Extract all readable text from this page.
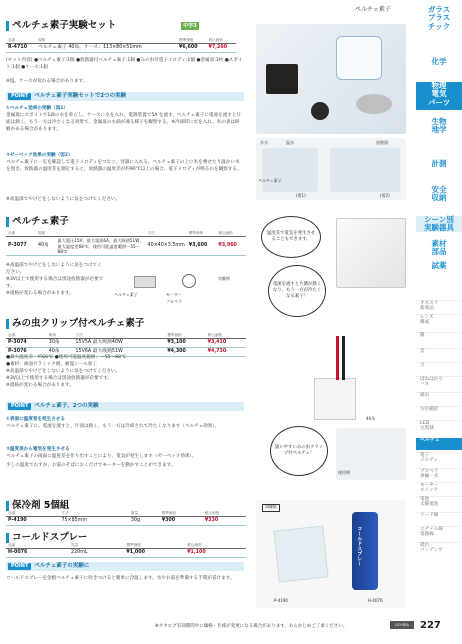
ペルチェ素子	ガラス
プラス
チック
化学
物理
電気
パーツ
生物
地学
計測
安全
収納
シーン別
実験器具
素材
部品
試薬
オススメ
新商品
レンズ
構成
鏡
音
力
ばねはかり
バネ
磁石
方位磁針
LED
豆電球
ペルチェ
電子
メロディ
プロペラ
車輪一式
モーター
スイッチ
電池
太陽電池
リード線
エナメル線
電熱線
抵抗
コンデンサ
ペルチェ素子実験セット	中学3
品番	規格	標準価格	税込価格
R-4710	ペルチェ素子 40角、ケース：113×80×51mm	¥6,600	¥7,260
(セット内容) ●ペルチェ素子:1個 ●放熱器付ペルチェ素子:1個 ●みの虫付電子メロディ:1個 ●金属皿:1枚 ●スポイト:1個 ●ケース:1個
※塩、ケースが変わる場合があります。
POINT	ペルチェ素子実験セットで2つの実験
①ペルチェ効果の実験（図1）
金属皿にスポイトで1滴の水を垂らし、ケースに水を入れ、電源装置で5A を流す。ペルチェ素子に電流を流すと片面は熱く、もう一方は冷たくなる効果で、金属皿の水滴が凍る様子を観察する。※冷却時に水を入れ、氷の表は研磨かある場合があります。
②ゼーベック効果の実験（図2）
ペルチェ素子に一定を確認して電子メロディをつなぐ。容器に入れる。ペルチェ素子の上に氷を乗せたり温かい水を置き、放熱器の温度差を測定すると、放熱器の温度差が約90℃以上の場合、電子メロディが鳴るのを観察する。
※高温部でやけどをしないように気をつけてください。
氷水	温水
(図1)	(図2)
ペルチェ素子
放熱器
ペルチェ素子
品番	規格		寸法	標準価格	税込価格
P-3077	40角	最大電圧15V、最大電流6A、最大吸熱51W、最大温度差68℃、使用可能温度範囲ー55～88℃	40×40×3.5mm	¥3,600	¥3,960
※高温部でやけどをしないように気をつけてください。
※3V以上で使用する場合は別途放熱器が必要です。
※規格が変わる場合があります。	ペルチェ素子	モーター
プロペラ
実験例
温度差で電気を発生させることもできます。
電流を流すと片側が熱くなり、もう一方が冷たくなる素子！
みの虫クリップ付ペルチェ素子
品番	規格	寸法	標準価格	税込価格
P-3074	30角	15V5A 最大吸熱40W	¥3,100	¥3,410
P-3076	40角	15V6A 最大吸熱51W	¥4,300	¥4,730
●最大温度差：約66℃ ●使用可能温度範囲：ー55～88℃
●素材：両面セラミック板、耐湿シール加工
※高温部でやけどをしないように気をつけてください。
※3V以上で使用する場合は別途放熱器が必要です。
※規格が変わる場合があります。
POINT	ペルチェ素子、2つの実験
①表面に温度差を発生させる
ペルチェ素子に、電流を流すと、片面は熱く、もう一方は冷却されて冷たくなります（ペルチェ効果）。
②温度差から電気を発生させる
ペルチェ素子の両面に温度差を作り出すことにより、電気が発生します（ゼーベック効果）。
少しの温度でわずか、お湯のそばにおくだけでモーターを動かすことができます。
40角
扱いやすいみの虫クリップ付ペルチェ！
使用例
保冷剤 5個組
品番	寸法	重量	標準価格	税込価格
P-4190	75×85mm	30g	¥300	¥330
コールドスプレー
品番	容量	標準価格	税込価格
H-0076	220mL	¥1,000	¥1,100
POINT	ペルチェ素子の実験に
コールドスプレーを金板ペルチェ素子に吹きつけると簡単に冷温します。水やお湯を準備する手間が省けます。
5個組
コールドスプレー
P-4190	H-0076
※カタログ有効期間中に価格・仕様が変更になる場合があります。あらかじめご了承ください。	UCHIDA	227
